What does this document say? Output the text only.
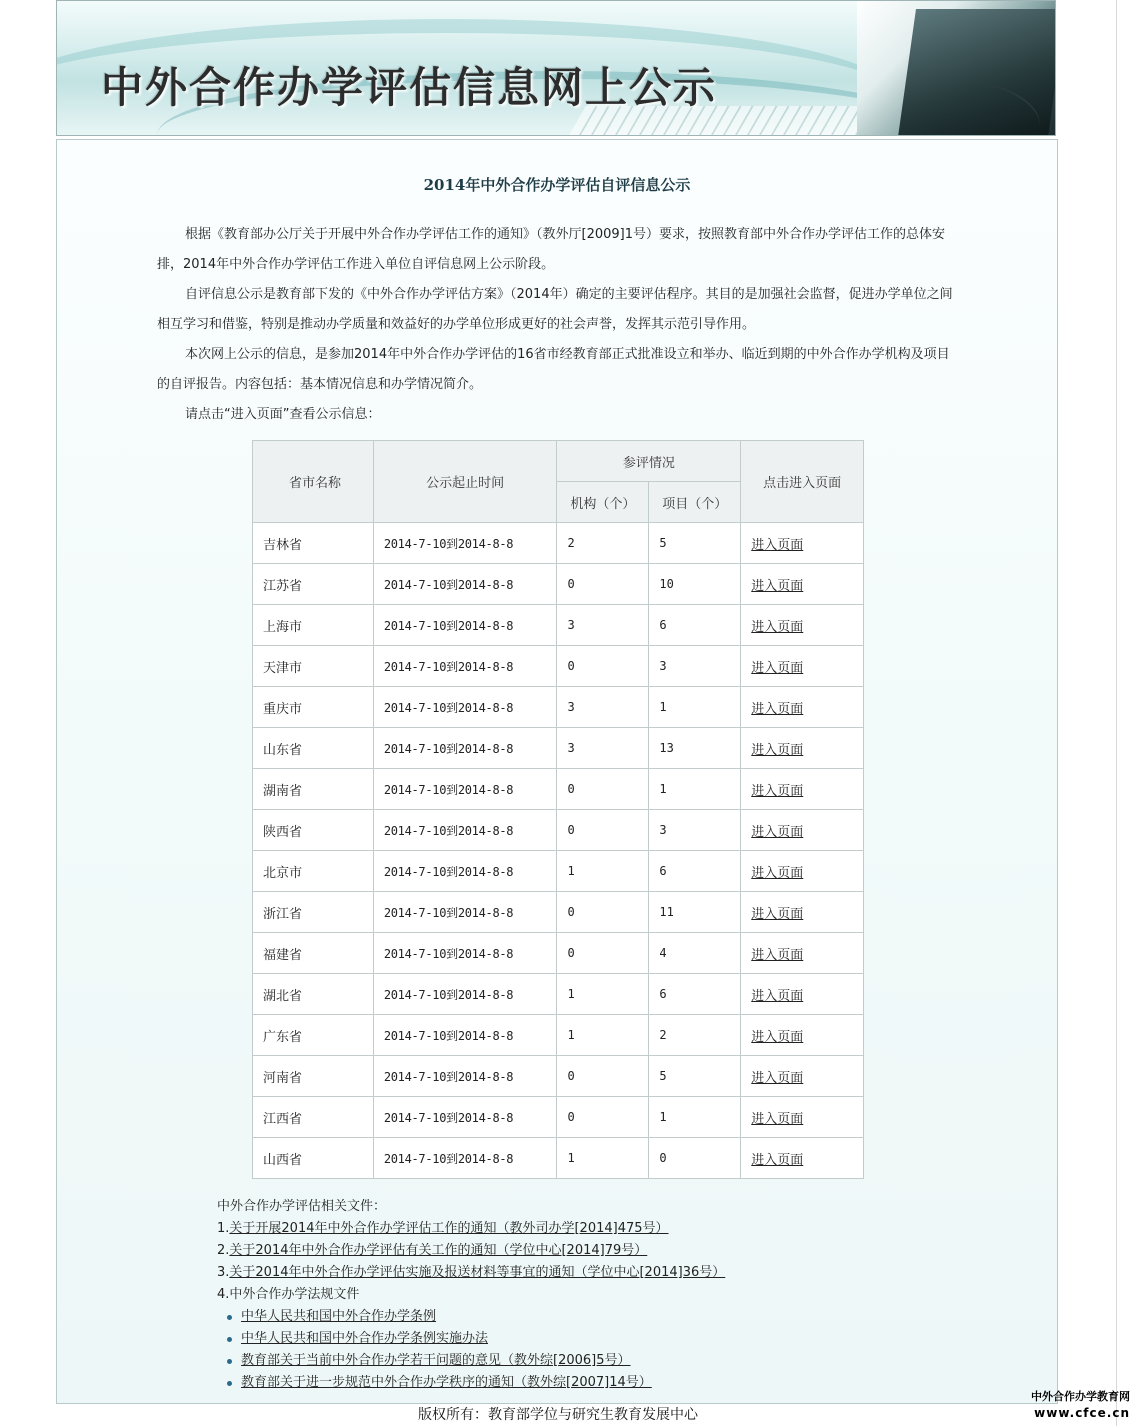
中外合作办学评估信息网上公示
2014年中外合作办学评估自评信息公示

根据《教育部办公厅关于开展中外合作办学评估工作的通知》（教外厅[2009]1号）要求，按照教育部中外合作办学评估工作的总体安排，2014年中外合作办学评估工作进入单位自评信息网上公示阶段。

自评信息公示是教育部下发的《中外合作办学评估方案》（2014年）确定的主要评估程序。其目的是加强社会监督，促进办学单位之间相互学习和借鉴，特别是推动办学质量和效益好的办学单位形成更好的社会声誉，发挥其示范引导作用。

本次网上公示的信息，是参加2014年中外合作办学评估的16省市经教育部正式批准设立和举办、临近到期的中外合作办学机构及项目的自评报告。内容包括：基本情况信息和办学情况简介。

请点击“进入页面”查看公示信息：

省市名称	公示起止时间	参评情况		点击进入页面
		机构（个）	项目（个）	
吉林省	2014-7-10到2014-8-8	2	5	进入页面
江苏省	2014-7-10到2014-8-8	0	10	进入页面
上海市	2014-7-10到2014-8-8	3	6	进入页面
天津市	2014-7-10到2014-8-8	0	3	进入页面
重庆市	2014-7-10到2014-8-8	3	1	进入页面
山东省	2014-7-10到2014-8-8	3	13	进入页面
湖南省	2014-7-10到2014-8-8	0	1	进入页面
陕西省	2014-7-10到2014-8-8	0	3	进入页面
北京市	2014-7-10到2014-8-8	1	6	进入页面
浙江省	2014-7-10到2014-8-8	0	11	进入页面
福建省	2014-7-10到2014-8-8	0	4	进入页面
湖北省	2014-7-10到2014-8-8	1	6	进入页面
广东省	2014-7-10到2014-8-8	1	2	进入页面
河南省	2014-7-10到2014-8-8	0	5	进入页面
江西省	2014-7-10到2014-8-8	0	1	进入页面
山西省	2014-7-10到2014-8-8	1	0	进入页面
中外合作办学评估相关文件：
1.关于开展2014年中外合作办学评估工作的通知（教外司办学[2014]475号）
2.关于2014年中外合作办学评估有关工作的通知（学位中心[2014]79号）
3.关于2014年中外合作办学评估实施及报送材料等事宜的通知（学位中心[2014]36号）
4.中外合作办学法规文件
中华人民共和国中外合作办学条例
中华人民共和国中外合作办学条例实施办法
教育部关于当前中外合作办学若干问题的意见（教外综[2006]5号）
教育部关于进一步规范中外合作办学秩序的通知（教外综[2007]14号）
版权所有：教育部学位与研究生教育发展中心
中外合作办学教育网
www.cfce.cn
